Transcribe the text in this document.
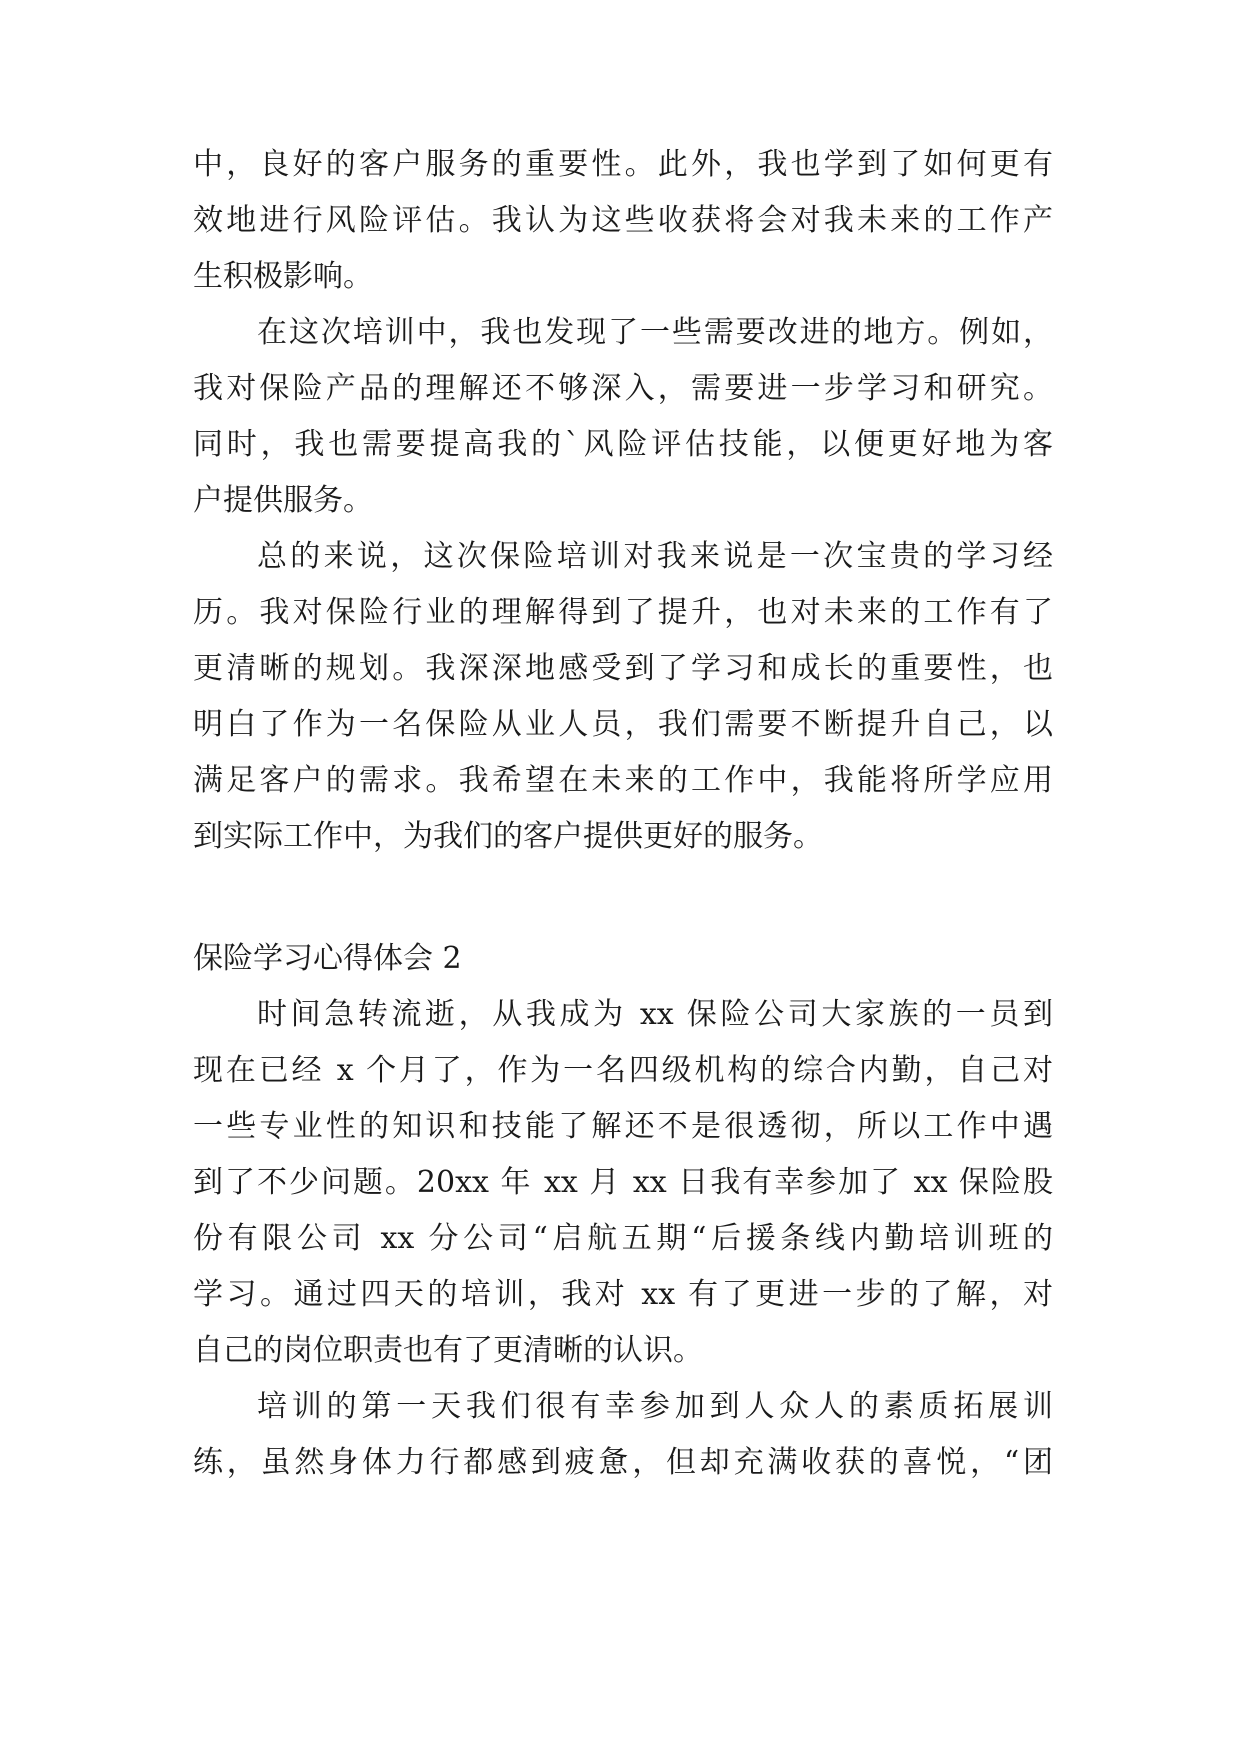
中，良好的客户服务的重要性。此外，我也学到了如何更有
效地进行风险评估。我认为这些收获将会对我未来的工作产
生积极影响。
在这次培训中，我也发现了一些需要改进的地方。例如，
我对保险产品的理解还不够深入，需要进一步学习和研究。
同时，我也需要提高我的`风险评估技能，以便更好地为客
户提供服务。
总的来说，这次保险培训对我来说是一次宝贵的学习经
历。我对保险行业的理解得到了提升，也对未来的工作有了
更清晰的规划。我深深地感受到了学习和成长的重要性，也
明白了作为一名保险从业人员，我们需要不断提升自己，以
满足客户的需求。我希望在未来的工作中，我能将所学应用
到实际工作中，为我们的客户提供更好的服务。
保险学习心得体会 2
时间急转流逝，从我成为 xx 保险公司大家族的一员到
现在已经 x 个月了，作为一名四级机构的综合内勤，自己对
一些专业性的知识和技能了解还不是很透彻，所以工作中遇
到了不少问题。20xx 年 xx 月 xx 日我有幸参加了 xx 保险股
份有限公司 xx 分公司“启航五期“后援条线内勤培训班的
学习。通过四天的培训，我对 xx 有了更进一步的了解，对
自己的岗位职责也有了更清晰的认识。
培训的第一天我们很有幸参加到人众人的素质拓展训
练，虽然身体力行都感到疲惫，但却充满收获的喜悦，“团
